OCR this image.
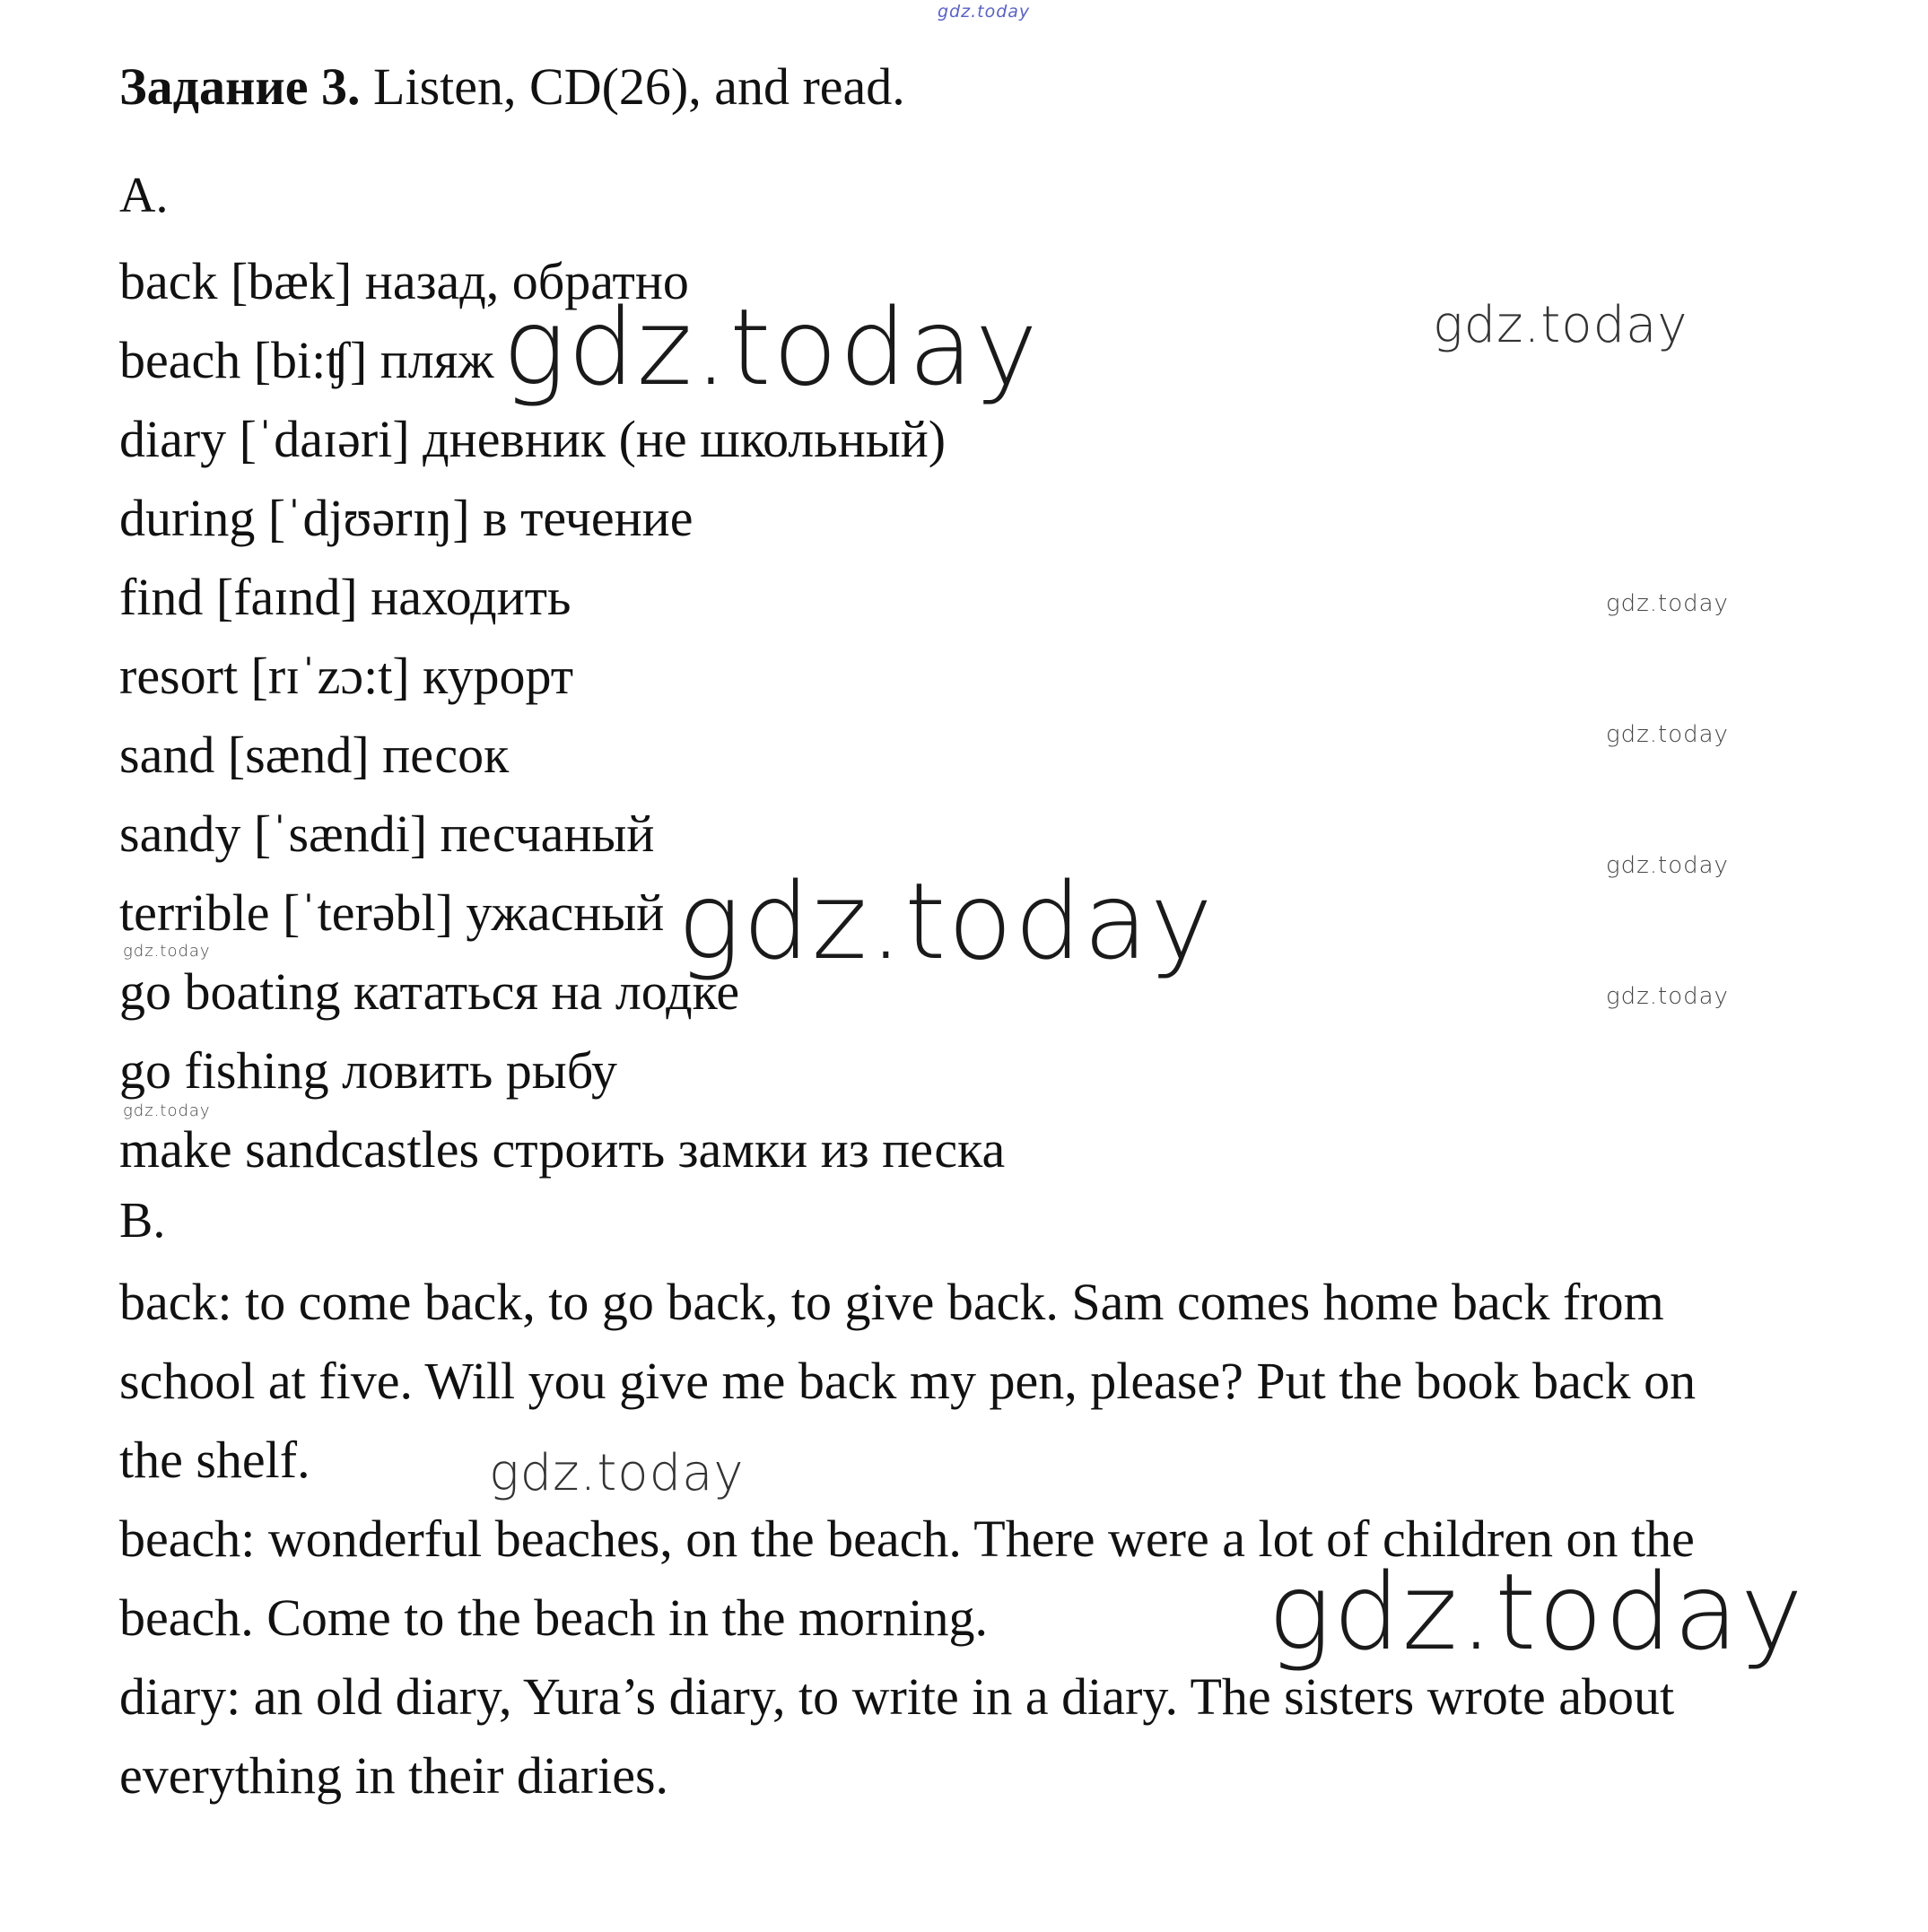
Задание 3. Listen, CD(26), and read.
A.
back [bæk] назад, обратно
beach [bi:ʧ] пляж
diary [ˈdaɪəri] дневник (не школьный)
during [ˈdjʊərɪŋ] в течение
find [faɪnd] находить
resort [rɪˈzɔ:t] курорт
sand [sænd] песок
sandy [ˈsændi] песчаный
terrible [ˈterəbl] ужасный
go boating кататься на лодке
go fishing ловить рыбу
make sandcastles строить замки из песка
B.
back: to come back, to go back, to give back. Sam comes home back from school at five. Will you give me back my pen, please? Put the book back on the shelf.
beach: wonderful beaches, on the beach. There were a lot of children on the beach. Come to the beach in the morning.
diary: an old diary, Yura’s diary, to write in a diary. The sisters wrote about everything in their diaries.
gdz.today
gdz.today	gdz.today
gdz.today
gdz.today
gdz.today
gdz.today
gdz.today
gdz.today
gdz.today
gdz.today
gdz.today
